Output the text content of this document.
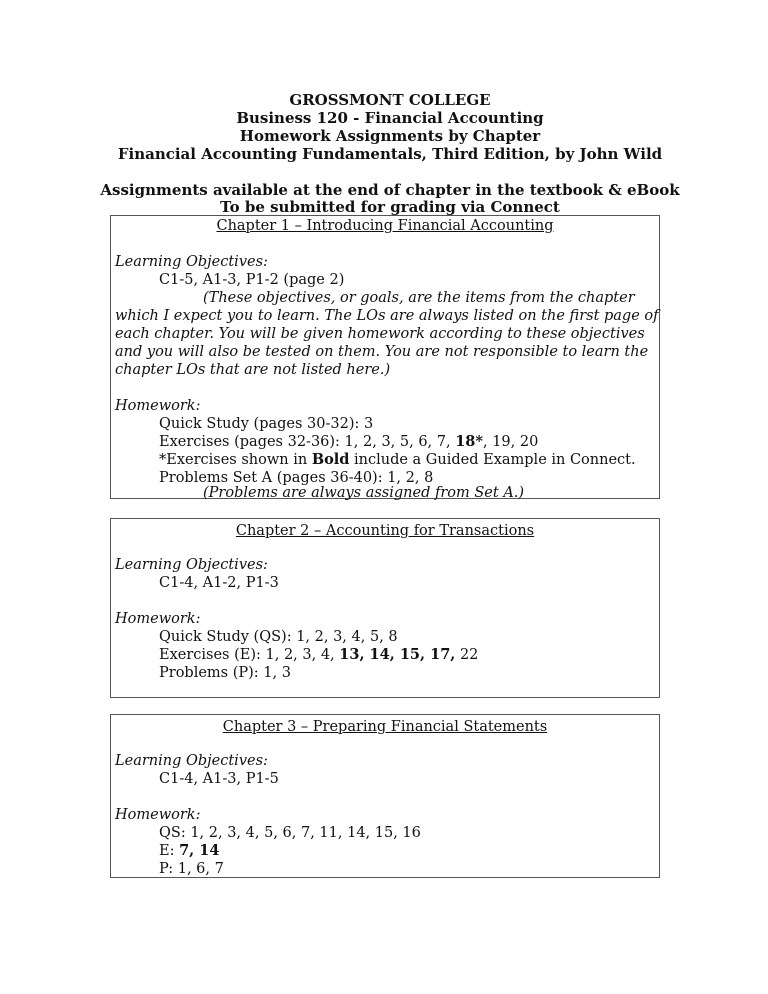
GROSSMONT COLLEGE
Business 120 - Financial Accounting
Homework Assignments by Chapter
Financial Accounting Fundamentals, Third Edition, by John Wild
Assignments available at the end of chapter in the textbook & eBook
To be submitted for grading via Connect
Chapter 1 – Introducing Financial Accounting
Learning Objectives:
C1-5, A1-3, P1-2 (page 2)
(These objectives, or goals, are the items from the chapter
which I expect you to learn. The LOs are always listed on the first page of
each chapter. You will be given homework according to these objectives
and you will also be tested on them. You are not responsible to learn the
chapter LOs that are not listed here.)
Homework:
Quick Study (pages 30-32): 3
Exercises (pages 32-36): 1, 2, 3, 5, 6, 7, 18*, 19, 20
*Exercises shown in Bold include a Guided Example in Connect.
Problems Set A (pages 36-40): 1, 2, 8
(Problems are always assigned from Set A.)
Chapter 2 – Accounting for Transactions
Learning Objectives:
C1-4, A1-2, P1-3
Homework:
Quick Study (QS): 1, 2, 3, 4, 5, 8
Exercises (E): 1, 2, 3, 4, 13, 14, 15, 17, 22
Problems (P): 1, 3
Chapter 3 – Preparing Financial Statements
Learning Objectives:
C1-4, A1-3, P1-5
Homework:
QS: 1, 2, 3, 4, 5, 6, 7, 11, 14, 15, 16
E: 7, 14
P: 1, 6, 7
